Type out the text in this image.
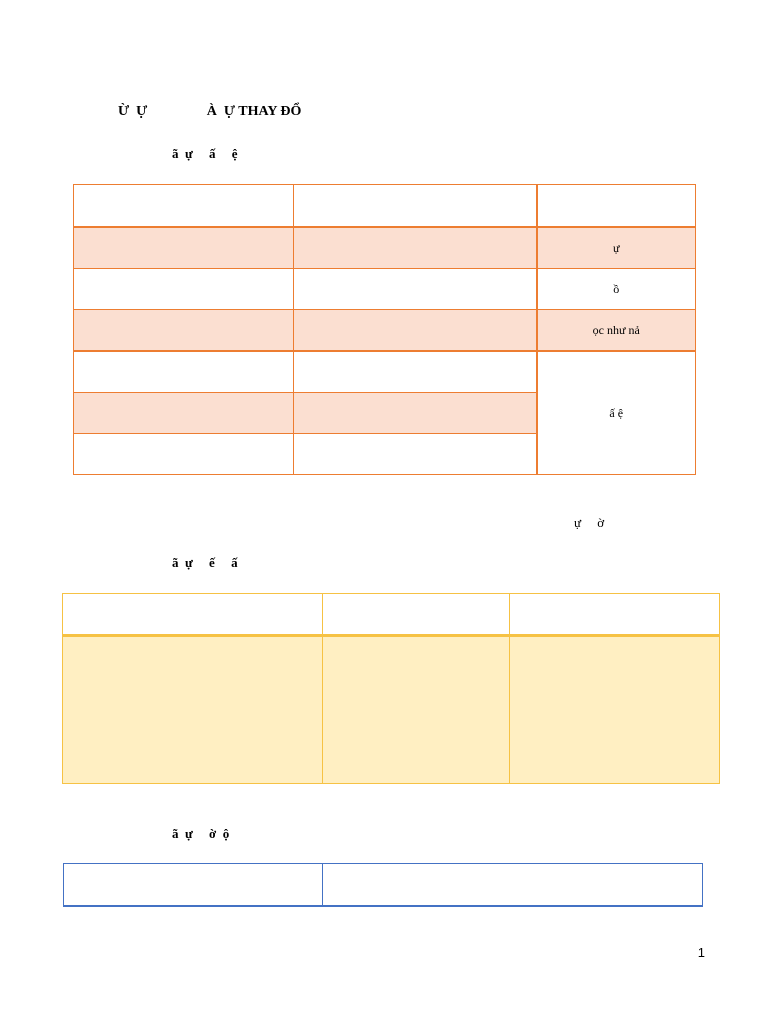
Ừ  Ự                 À  Ự THAY ĐỔ
ã  ự     ấ     ệ

		ự
		ồ
		ọc như nả
		ấ ệ

ự     ờ
ã  ự     ế     ấ

ã  ự     ờ  ộ

1
